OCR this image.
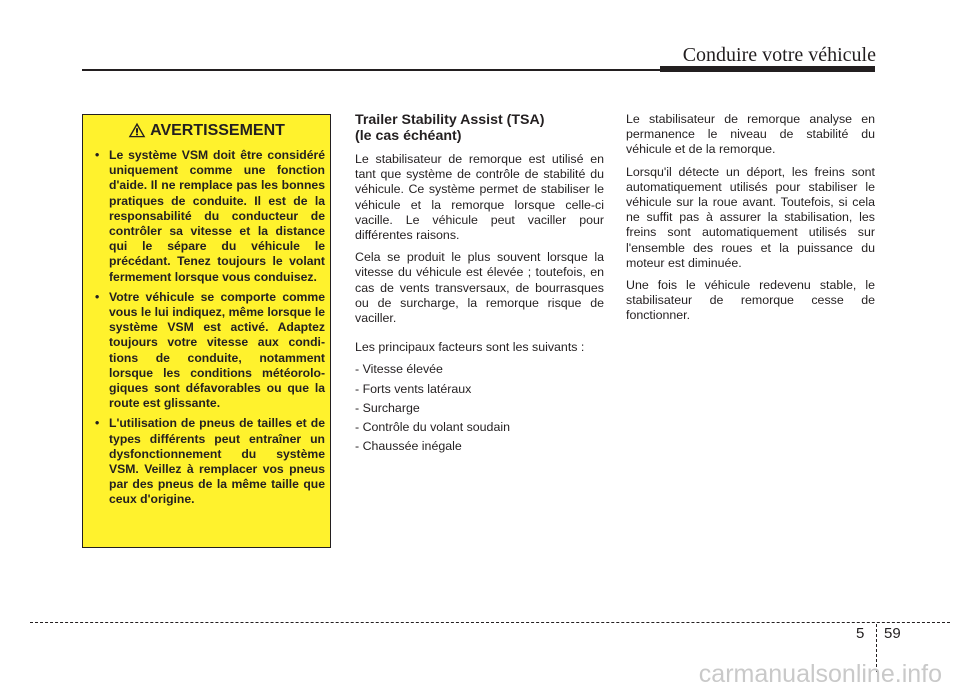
Conduire votre véhicule
AVERTISSEMENT
• Le système VSM doit être considéré uniquement comme une fonction d'aide. Il ne remplace pas les bonnes pratiques de conduite. Il est de la responsabilité du conducteur de contrôler sa vitesse et la distance qui le sépare du véhicule le précédant. Tenez toujours le volant fermement lorsque vous conduisez.
• Votre véhicule se comporte comme vous le lui indiquez, même lorsque le système VSM est activé. Adaptez toujours votre vitesse aux condi-tions de conduite, notamment lorsque les conditions météorolo-giques sont défavorables ou que la route est glissante.
• L'utilisation de pneus de tailles et de types différents peut entraîner un dysfonctionnement du système VSM. Veillez à remplacer vos pneus par des pneus de la même taille que ceux d'origine.
Trailer Stability Assist (TSA)
(le cas échéant)

Le stabilisateur de remorque est utilisé en tant que système de contrôle de stabilité du véhicule. Ce système permet de stabiliser le véhicule et la remorque lorsque celle-ci vacille. Le véhicule peut vaciller pour différentes raisons.

Cela se produit le plus souvent lorsque la vitesse du véhicule est élevée ; toutefois, en cas de vents transversaux, de bourrasques ou de surcharge, la remorque risque de vaciller.

Les principaux facteurs sont les suivants :

- Vitesse élevée
- Forts vents latéraux
- Surcharge
- Contrôle du volant soudain
- Chaussée inégale

Le stabilisateur de remorque analyse en permanence le niveau de stabilité du véhicule et de la remorque.

Lorsqu'il détecte un déport, les freins sont automatiquement utilisés pour stabiliser le véhicule sur la roue avant. Toutefois, si cela ne suffit pas à assurer la stabilisation, les freins sont automatiquement utilisés sur l'ensemble des roues et la puissance du moteur est diminuée.

Une fois le véhicule redevenu stable, le stabilisateur de remorque cesse de fonctionner.

5 59
carmanualsonline.info
